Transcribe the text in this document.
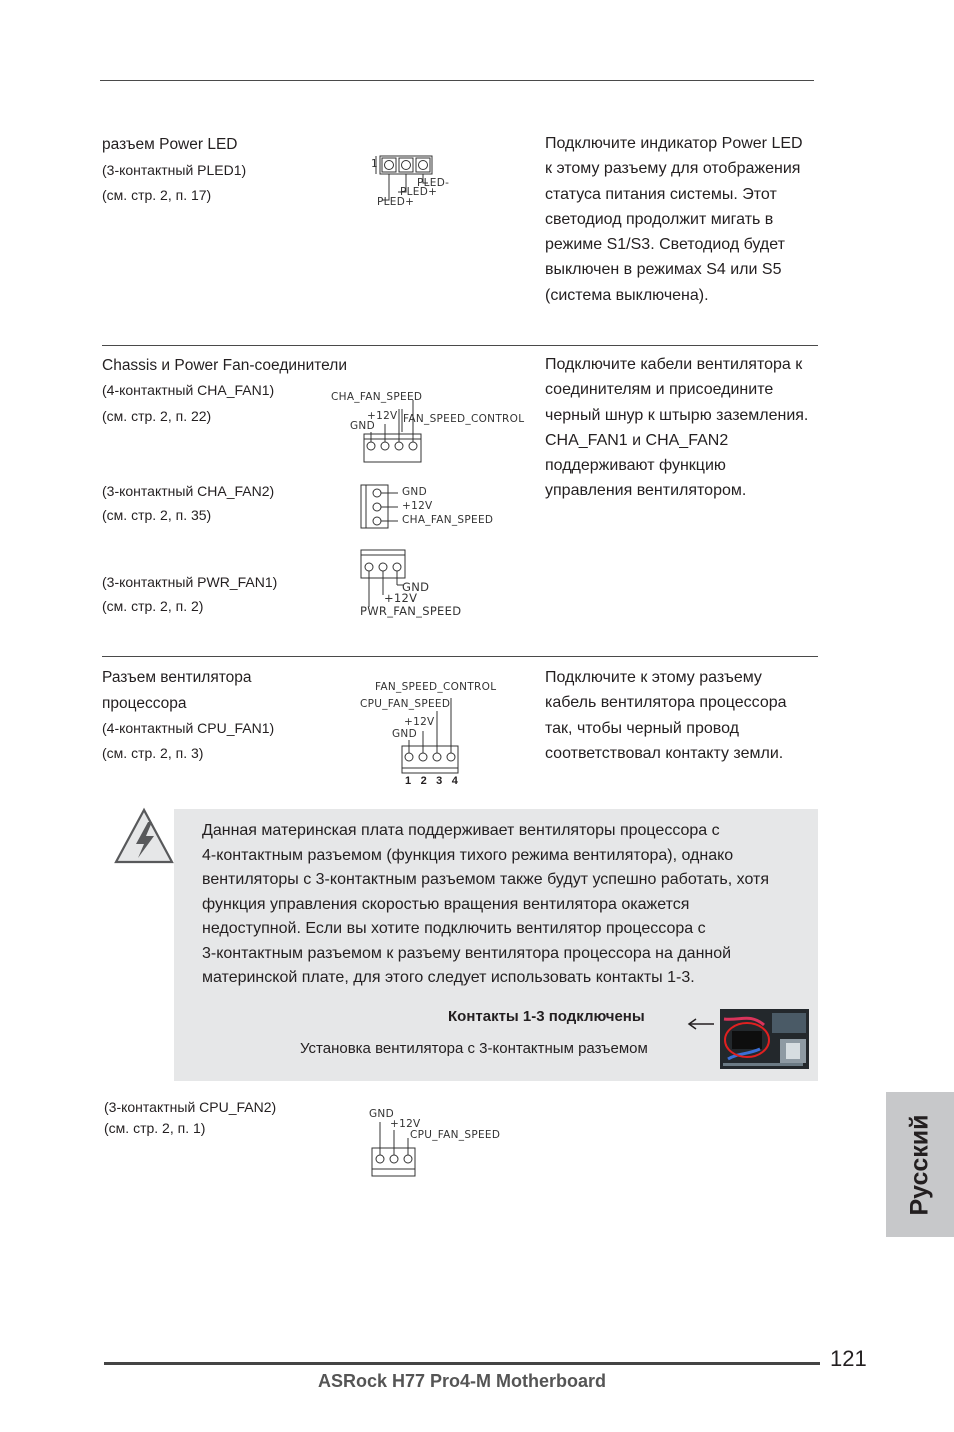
разъем Power LED
(3-контактный PLED1)
(см. стр. 2, п. 17)
1
PLED-
PLED+
PLED+
Подключите индикатор Power LED
к этому разъему для отображения
статуса питания системы. Этот
светодиод продолжит мигать в
режиме S1/S3. Светодиод будет
выключен в режимах S4 или S5
(система выключена).
Chassis и Power Fan-соединители
(4-контактный CHA_FAN1)
(см. стр. 2, п. 22)
CHA_FAN_SPEED
+12V FAN_SPEED_CONTROL
GND
(3-контактный CHA_FAN2)
(см. стр. 2, п. 35)
GND
+12V
CHA_FAN_SPEED
(3-контактный PWR_FAN1)
(см. стр. 2, п. 2)
GND
+12V
PWR_FAN_SPEED
Подключите кабели вентилятора к
соединителям и присоедините
черный шнур к штырю заземления.
CHA_FAN1 и CHA_FAN2
поддерживают функцию
управления вентилятором.
Разъем вентилятора
процессора
(4-контактный CPU_FAN1)
(см. стр. 2, п. 3)
FAN_SPEED_CONTROL
CPU_FAN_SPEED
+12V
GND
1 2 3 4
Подключите к этому разъему
кабель вентилятора процессора
так, чтобы черный провод
соответствовал контакту земли.
Данная материнская плата поддерживает вентиляторы процессора с
4-контактным разъемом (функция тихого режима вентилятора), однако
вентиляторы с 3-контактным разъемом также будут успешно работать, хотя
функция управления скоростью вращения вентилятора окажется
недоступной. Если вы хотите подключить вентилятор процессора с
3-контактным разъемом к разъему вентилятора процессора на данной
материнской плате, для этого следует использовать контакты 1-3.
Контакты 1-3 подключены
Установка вентилятора с 3-контактным разъемом
(3-контактный CPU_FAN2)
(см. стр. 2, п. 1)
GND
+12V
CPU_FAN_SPEED	Русский
121
ASRock H77 Pro4-M Motherboard
